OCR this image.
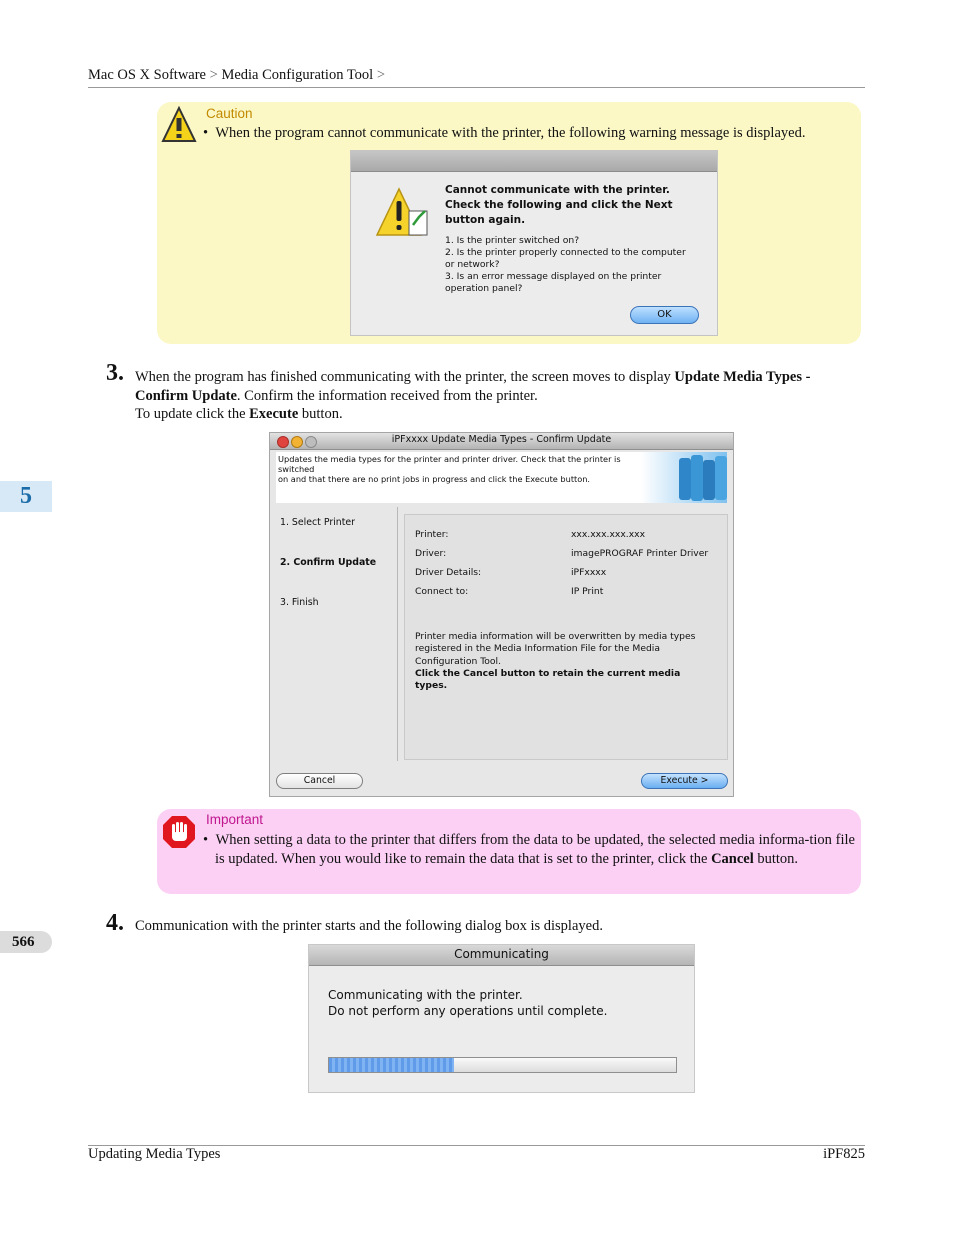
Mac OS X Software > Media Configuration Tool >
5
566
Caution
•  When the program cannot communicate with the printer, the following warning message is displayed.
Cannot communicate with the printer.
Check the following and click the Next
button again.
1. Is the printer switched on?
2. Is the printer properly connected to the computer
or network?
3. Is an error message displayed on the printer
operation panel?
OK
3. When the program has finished communicating with the printer, the screen moves to display Update Media Types -
Confirm Update. Confirm the information received from the printer.
To update click the Execute button.
iPFxxxx Update Media Types - Confirm Update
Updates the media types for the printer and printer driver. Check that the printer is switched
on and that there are no print jobs in progress and click the Execute button.
1. Select Printer
2. Confirm Update
3. Finish
Printer:	xxx.xxx.xxx.xxx
Driver:	imagePROGRAF Printer Driver
Driver Details:	iPFxxxx
Connect to:	IP Print
Printer media information will be overwritten by media types
registered in the Media Information File for the Media
Configuration Tool.
Click the Cancel button to retain the current media types.
Cancel	Execute >
Important
•  When setting a data to the printer that differs from the data to be updated, the selected media informa-tion file is updated. When you would like to remain the data that is set to the printer, click the Cancel button.
4. Communication with the printer starts and the following dialog box is displayed.
Communicating
Communicating with the printer.
Do not perform any operations until complete.
Updating Media Types	iPF825
